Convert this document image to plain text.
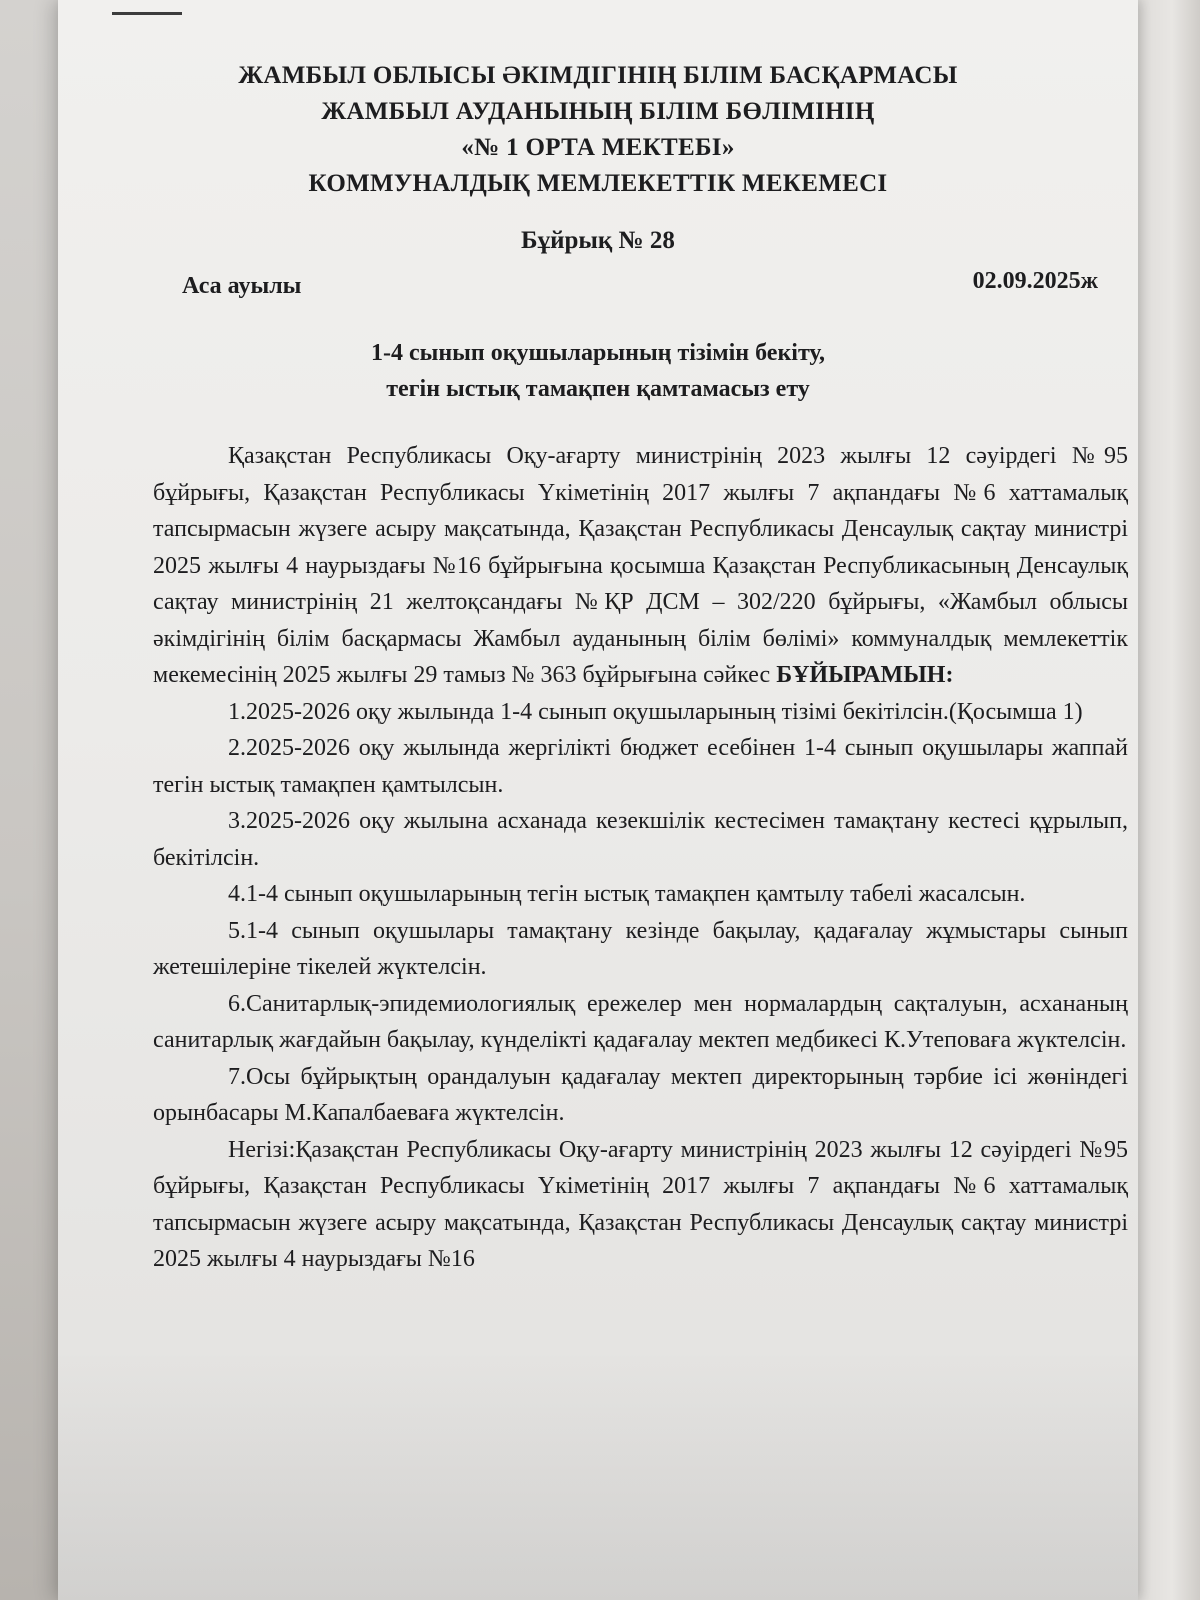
ЖАМБЫЛ ОБЛЫСЫ ӘКІМДІГІНІҢ БІЛІМ БАСҚАРМАСЫ
ЖАМБЫЛ АУДАНЫНЫҢ БІЛІМ БӨЛІМІНІҢ
«№ 1 ОРТА МЕКТЕБІ»
КОММУНАЛДЫҚ МЕМЛЕКЕТТІК МЕКЕМЕСІ
Бұйрық № 28
Аса ауылы	02.09.2025ж
1-4 сынып оқушыларының тізімін бекіту,
тегін ыстық тамақпен қамтамасыз ету

Қазақстан Республикасы Оқу-ағарту министрінің 2023 жылғы 12 сәуірдегі №95 бұйрығы, Қазақстан Республикасы Үкіметінің 2017 жылғы 7 ақпандағы №6 хаттамалық тапсырмасын жүзеге асыру мақсатында, Қазақстан Республикасы Денсаулық сақтау министрі 2025 жылғы 4 наурыздағы №16 бұйрығына қосымша Қазақстан Республикасының Денсаулық сақтау министрінің 21 желтоқсандағы №ҚР ДСМ – 302/220 бұйрығы, «Жамбыл облысы әкімдігінің білім басқармасы Жамбыл ауданының білім бөлімі» коммуналдық мемлекеттік мекемесінің 2025 жылғы 29 тамыз № 363 бұйрығына сәйкес БҰЙЫРАМЫН:

1.2025-2026 оқу жылында 1-4 сынып оқушыларының тізімі бекітілсін.(Қосымша 1)

2.2025-2026 оқу жылында жергілікті бюджет есебінен 1-4 сынып оқушылары жаппай тегін ыстық тамақпен қамтылсын.

3.2025-2026 оқу жылына асханада кезекшілік кестесімен тамақтану кестесі құрылып, бекітілсін.

4.1-4 сынып оқушыларының тегін ыстық тамақпен қамтылу табелі жасалсын.

5.1-4 сынып оқушылары тамақтану кезінде бақылау, қадағалау жұмыстары сынып жетешілеріне тікелей жүктелсін.

6.Санитарлық-эпидемиологиялық ережелер мен нормалардың сақталуын, асхананың санитарлық жағдайын бақылау, күнделікті қадағалау мектеп медбикесі К.Утеповаға жүктелсін.

7.Осы бұйрықтың орандалуын қадағалау мектеп директорының тәрбие ісі жөніндегі орынбасары М.Капалбаеваға жүктелсін.

Негізі:Қазақстан Республикасы Оқу-ағарту министрінің 2023 жылғы 12 сәуірдегі №95 бұйрығы, Қазақстан Республикасы Үкіметінің 2017 жылғы 7 ақпандағы №6 хаттамалық тапсырмасын жүзеге асыру мақсатында, Қазақстан Республикасы Денсаулық сақтау министрі 2025 жылғы 4 наурыздағы №16
